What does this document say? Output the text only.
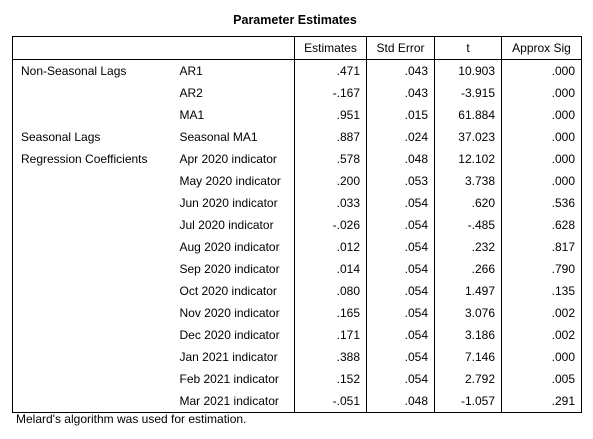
Parameter Estimates
		Estimates	Std Error	t	Approx Sig
Non-Seasonal Lags	AR1	.471	.043	10.903	.000
	AR2	-.167	.043	-3.915	.000
	MA1	.951	.015	61.884	.000
Seasonal Lags	Seasonal MA1	.887	.024	37.023	.000
Regression Coefficients	Apr 2020 indicator	.578	.048	12.102	.000
	May 2020 indicator	.200	.053	3.738	.000
	Jun 2020 indicator	.033	.054	.620	.536
	Jul 2020 indicator	-.026	.054	-.485	.628
	Aug 2020 indicator	.012	.054	.232	.817
	Sep 2020 indicator	.014	.054	.266	.790
	Oct 2020 indicator	.080	.054	1.497	.135
	Nov 2020 indicator	.165	.054	3.076	.002
	Dec 2020 indicator	.171	.054	3.186	.002
	Jan 2021 indicator	.388	.054	7.146	.000
	Feb 2021 indicator	.152	.054	2.792	.005
	Mar 2021 indicator	-.051	.048	-1.057	.291
Melard's algorithm was used for estimation.
